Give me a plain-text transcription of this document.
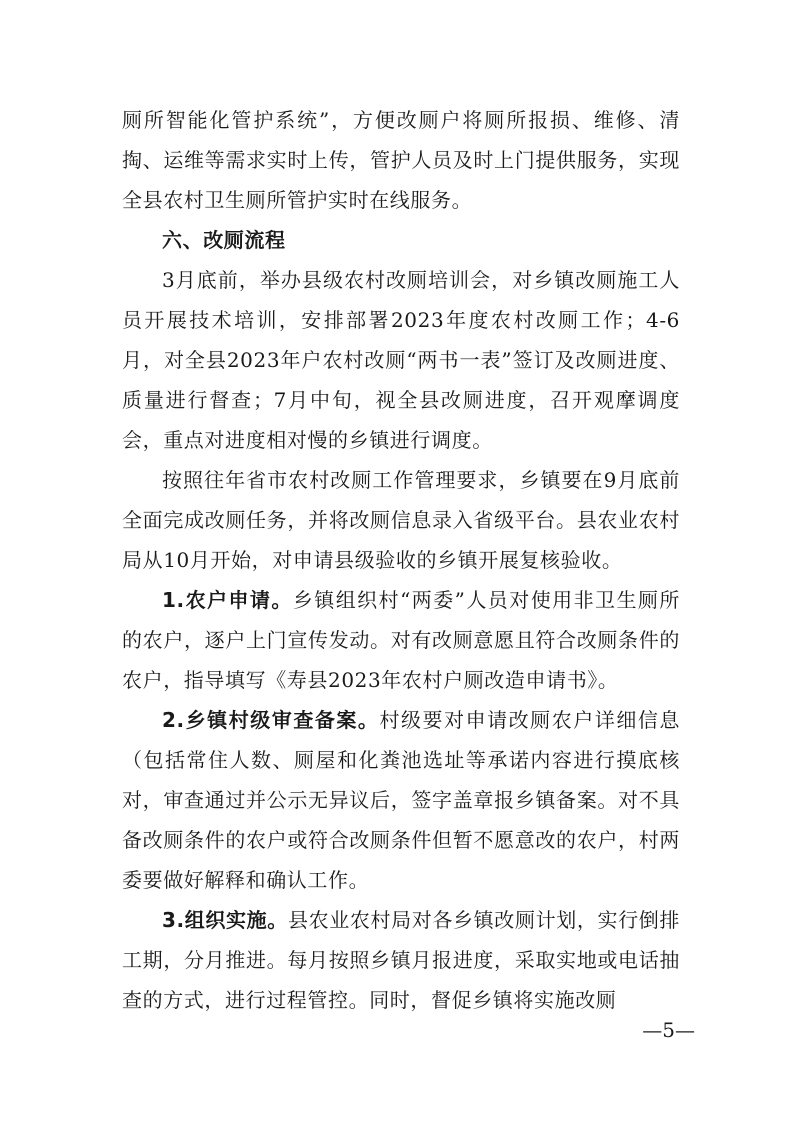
厕所智能化管护系统”，方便改厕户将厕所报损、维修、清掏、运维等需求实时上传，管护人员及时上门提供服务，实现全县农村卫生厕所管护实时在线服务。

六、改厕流程

3月底前，举办县级农村改厕培训会，对乡镇改厕施工人员开展技术培训，安排部署2023年度农村改厕工作；4-6月，对全县2023年户农村改厕“两书一表”签订及改厕进度、质量进行督查；7月中旬，视全县改厕进度，召开观摩调度会，重点对进度相对慢的乡镇进行调度。

按照往年省市农村改厕工作管理要求，乡镇要在9月底前全面完成改厕任务，并将改厕信息录入省级平台。县农业农村局从10月开始，对申请县级验收的乡镇开展复核验收。

1.农户申请。乡镇组织村“两委”人员对使用非卫生厕所的农户，逐户上门宣传发动。对有改厕意愿且符合改厕条件的农户，指导填写《寿县2023年农村户厕改造申请书》。

2.乡镇村级审查备案。村级要对申请改厕农户详细信息（包括常住人数、厕屋和化粪池选址等承诺内容进行摸底核对，审查通过并公示无异议后，签字盖章报乡镇备案。对不具备改厕条件的农户或符合改厕条件但暂不愿意改的农户，村两委要做好解释和确认工作。

3.组织实施。县农业农村局对各乡镇改厕计划，实行倒排工期，分月推进。每月按照乡镇月报进度，采取实地或电话抽查的方式，进行过程管控。同时，督促乡镇将实施改厕

—5—
